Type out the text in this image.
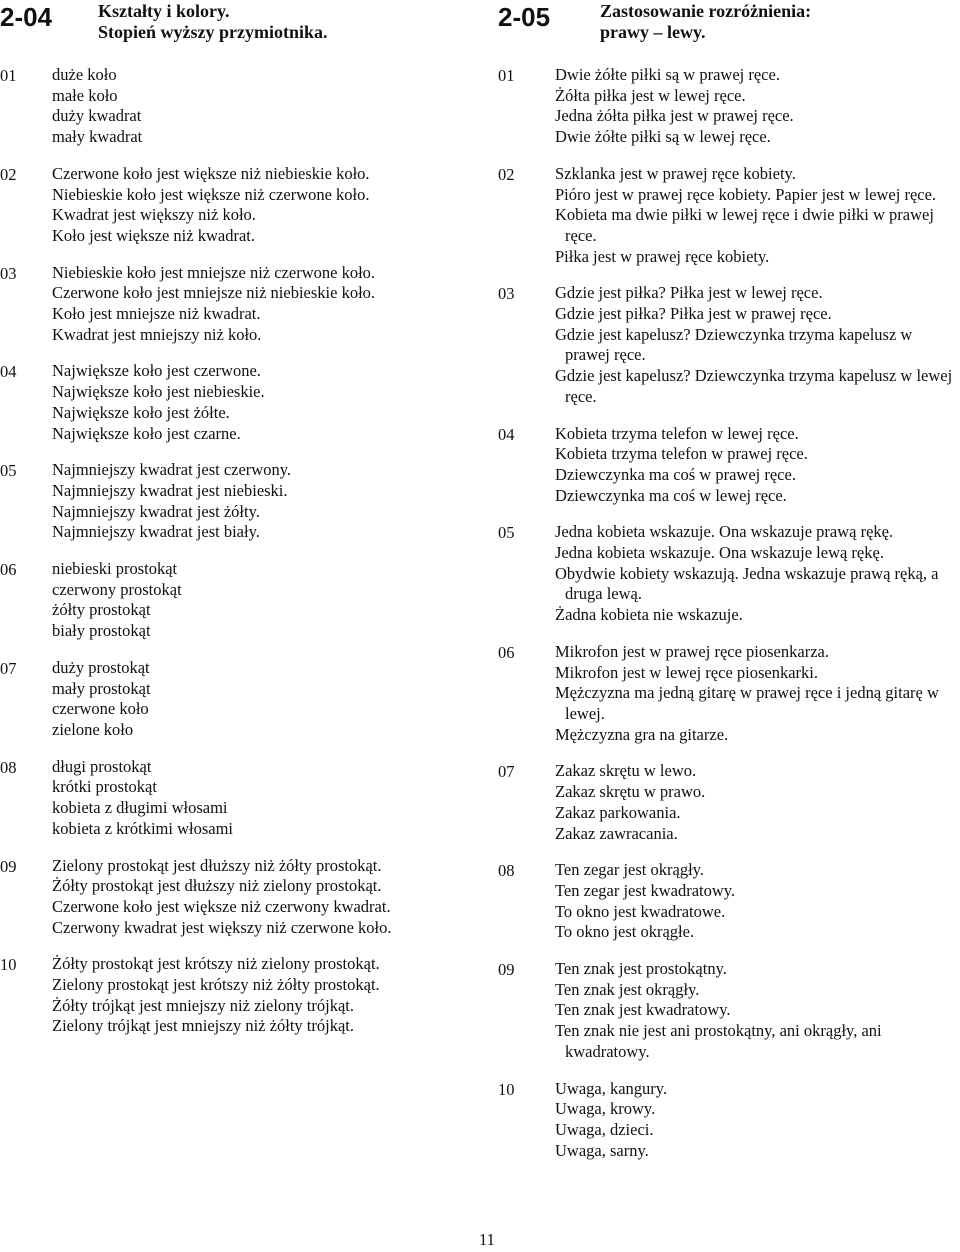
2-04	Kształty i kolory.
Stopień wyższy przymiotnika.
01	duże koło
małe koło
duży kwadrat
mały kwadrat
02	Czerwone koło jest większe niż niebieskie koło.
Niebieskie koło jest większe niż czerwone koło.
Kwadrat jest większy niż koło.
Koło jest większe niż kwadrat.
03	Niebieskie koło jest mniejsze niż czerwone koło.
Czerwone koło jest mniejsze niż niebieskie koło.
Koło jest mniejsze niż kwadrat.
Kwadrat jest mniejszy niż koło.
04	Największe koło jest czerwone.
Największe koło jest niebieskie.
Największe koło jest żółte.
Największe koło jest czarne.
05	Najmniejszy kwadrat jest czerwony.
Najmniejszy kwadrat jest niebieski.
Najmniejszy kwadrat jest żółty.
Najmniejszy kwadrat jest biały.
06	niebieski prostokąt
czerwony prostokąt
żółty prostokąt
biały prostokąt
07	duży prostokąt
mały prostokąt
czerwone koło
zielone koło
08	długi prostokąt
krótki prostokąt
kobieta z długimi włosami
kobieta z krótkimi włosami
09	Zielony prostokąt jest dłuższy niż żółty prostokąt.
Żółty prostokąt jest dłuższy niż zielony prostokąt.
Czerwone koło jest większe niż czerwony kwadrat.
Czerwony kwadrat jest większy niż czerwone koło.
10	Żółty prostokąt jest krótszy niż zielony prostokąt.
Zielony prostokąt jest krótszy niż żółty prostokąt.
Żółty trójkąt jest mniejszy niż zielony trójkąt.
Zielony trójkąt jest mniejszy niż żółty trójkąt.
2-05	Zastosowanie rozróżnienia:
prawy – lewy.
01	Dwie żółte piłki są w prawej ręce.
Żółta piłka jest w lewej ręce.
Jedna żółta piłka jest w prawej ręce.
Dwie żółte piłki są w lewej ręce.
02	Szklanka jest w prawej ręce kobiety.
Pióro jest w prawej ręce kobiety. Papier jest w lewej ręce.
Kobieta ma dwie piłki w lewej ręce i dwie piłki w prawej ręce.
Piłka jest w prawej ręce kobiety.
03	Gdzie jest piłka? Piłka jest w lewej ręce.
Gdzie jest piłka? Piłka jest w prawej ręce.
Gdzie jest kapelusz? Dziewczynka trzyma kapelusz w prawej ręce.
Gdzie jest kapelusz? Dziewczynka trzyma kapelusz w lewej ręce.
04	Kobieta trzyma telefon w lewej ręce.
Kobieta trzyma telefon w prawej ręce.
Dziewczynka ma coś w prawej ręce.
Dziewczynka ma coś w lewej ręce.
05	Jedna kobieta wskazuje. Ona wskazuje prawą rękę.
Jedna kobieta wskazuje. Ona wskazuje lewą rękę.
Obydwie kobiety wskazują. Jedna wskazuje prawą ręką, a druga lewą.
Żadna kobieta nie wskazuje.
06	Mikrofon jest w prawej ręce piosenkarza.
Mikrofon jest w lewej ręce piosenkarki.
Mężczyzna ma jedną gitarę w prawej ręce i jedną gitarę w lewej.
Mężczyzna gra na gitarze.
07	Zakaz skrętu w lewo.
Zakaz skrętu w prawo.
Zakaz parkowania.
Zakaz zawracania.
08	Ten zegar jest okrągły.
Ten zegar jest kwadratowy.
To okno jest kwadratowe.
To okno jest okrągłe.
09	Ten znak jest prostokątny.
Ten znak jest okrągły.
Ten znak jest kwadratowy.
Ten znak nie jest ani prostokątny, ani okrągły, ani kwadratowy.
10	Uwaga, kangury.
Uwaga, krowy.
Uwaga, dzieci.
Uwaga, sarny.
11
